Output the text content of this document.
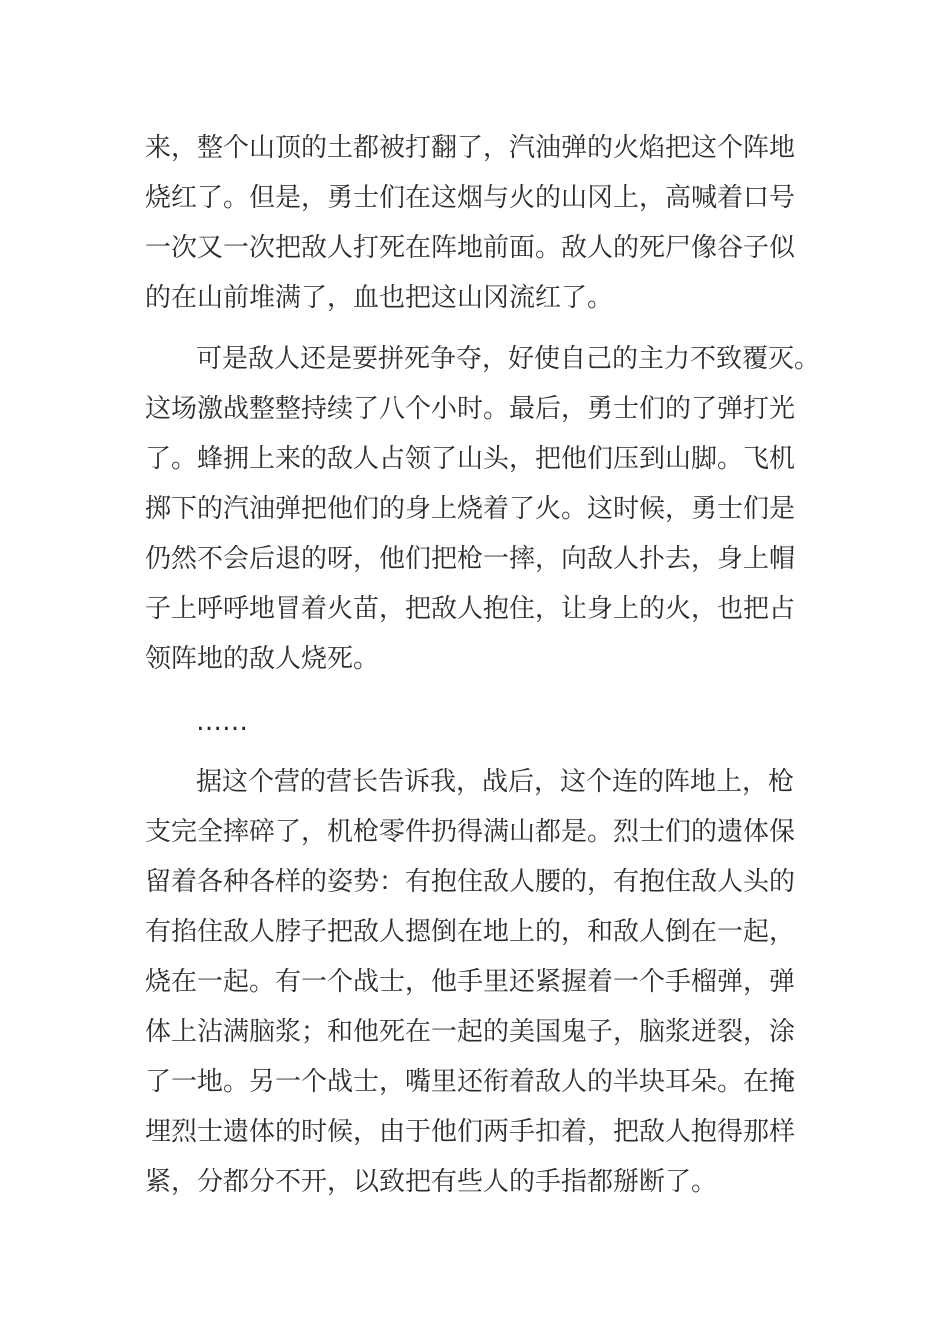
来，整个山顶的土都被打翻了，汽油弹的火焰把这个阵地
烧红了。但是，勇士们在这烟与火的山冈上，高喊着口号
一次又一次把敌人打死在阵地前面。敌人的死尸像谷子似
的在山前堆满了，血也把这山冈流红了。
可是敌人还是要拼死争夺，好使自己的主力不致覆灭。
这场激战整整持续了八个小时。最后，勇士们的了弹打光
了。蜂拥上来的敌人占领了山头，把他们压到山脚。飞机
掷下的汽油弹把他们的身上烧着了火。这时候，勇士们是
仍然不会后退的呀，他们把枪一摔，向敌人扑去，身上帽
子上呼呼地冒着火苗，把敌人抱住，让身上的火，也把占
领阵地的敌人烧死。
……
据这个营的营长告诉我，战后，这个连的阵地上，枪
支完全摔碎了，机枪零件扔得满山都是。烈士们的遗体保
留着各种各样的姿势：有抱住敌人腰的，有抱住敌人头的
有掐住敌人脖子把敌人摁倒在地上的，和敌人倒在一起，
烧在一起。有一个战士，他手里还紧握着一个手榴弹，弹
体上沾满脑浆；和他死在一起的美国鬼子，脑浆迸裂，涂
了一地。另一个战士，嘴里还衔着敌人的半块耳朵。在掩
埋烈士遗体的时候，由于他们两手扣着，把敌人抱得那样
紧，分都分不开，以致把有些人的手指都掰断了。
